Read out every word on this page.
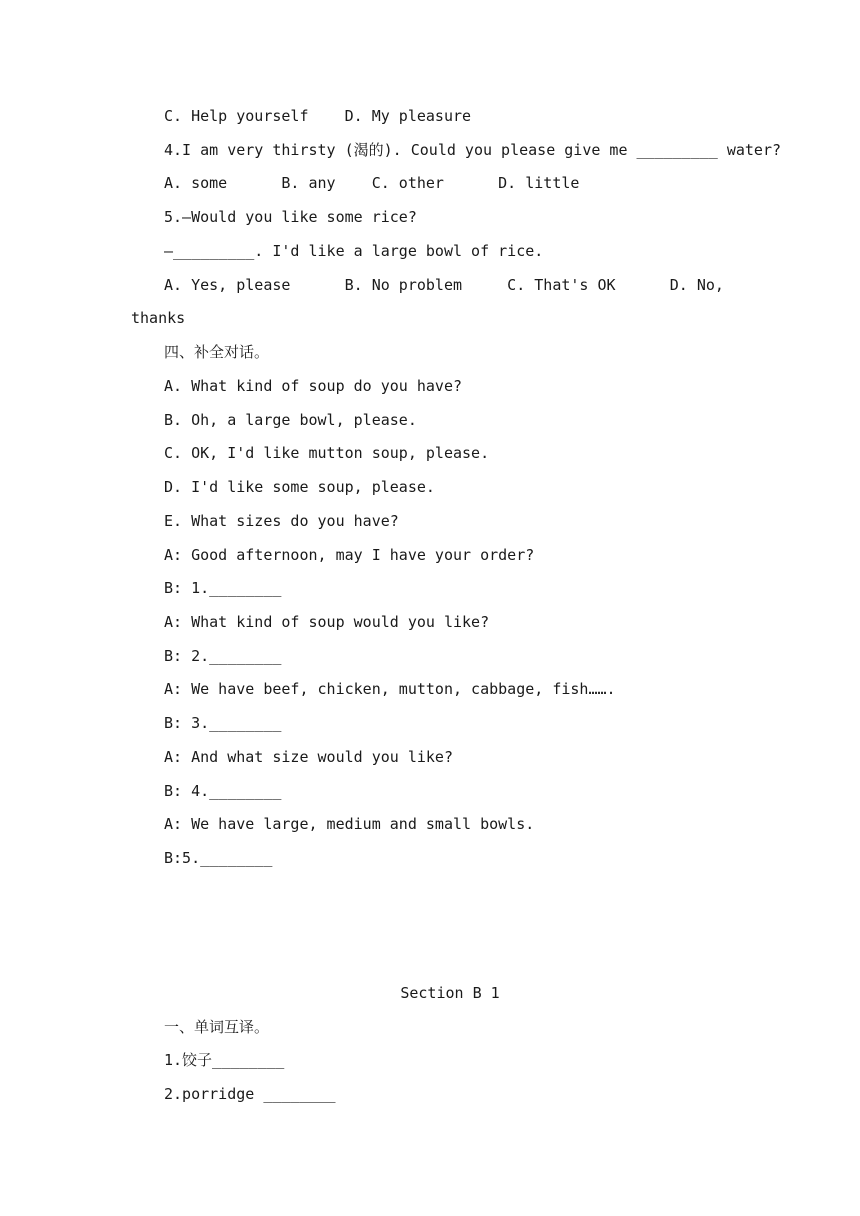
C. Help yourself    D. My pleasure
4.I am very thirsty (渴的). Could you please give me _________ water?
A. some      B. any    C. other      D. little
5.—Would you like some rice?
—_________. I'd like a large bowl of rice.
A. Yes, please      B. No problem     C. That's OK      D. No,
thanks
四、补全对话。
A. What kind of soup do you have?
B. Oh, a large bowl, please.
C. OK, I'd like mutton soup, please.
D. I'd like some soup, please.
E. What sizes do you have?
A: Good afternoon, may I have your order?
B: 1.________
A: What kind of soup would you like?
B: 2.________
A: We have beef, chicken, mutton, cabbage, fish…….
B: 3.________
A: And what size would you like?
B: 4.________
A: We have large, medium and small bowls.
B:5.________
Section B 1
一、单词互译。
1.饺子________
2.porridge ________
